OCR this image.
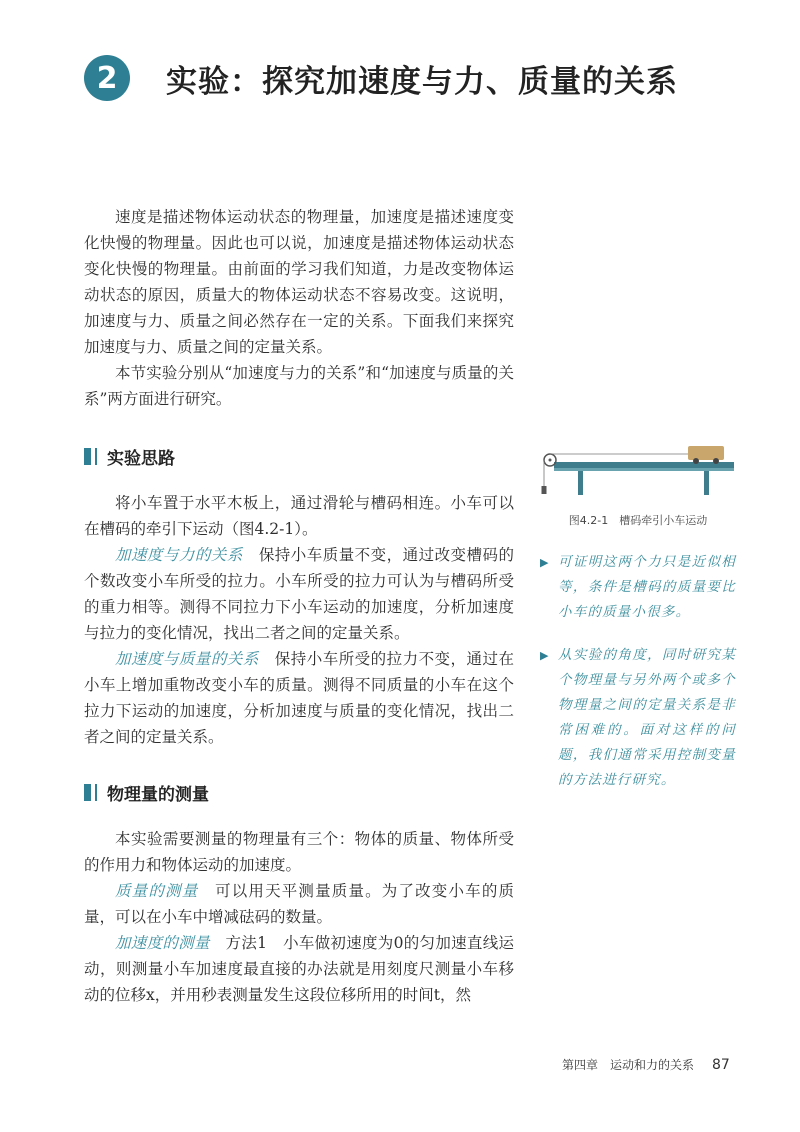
2	实验：探究加速度与力、质量的关系

速度是描述物体运动状态的物理量，加速度是描述速度变化快慢的物理量。因此也可以说，加速度是描述物体运动状态变化快慢的物理量。由前面的学习我们知道，力是改变物体运动状态的原因，质量大的物体运动状态不容易改变。这说明，加速度与力、质量之间必然存在一定的关系。下面我们来探究加速度与力、质量之间的定量关系。

本节实验分别从“加速度与力的关系”和“加速度与质量的关系”两方面进行研究。

实验思路

将小车置于水平木板上，通过滑轮与槽码相连。小车可以在槽码的牵引下运动（图4.2-1）。

加速度与力的关系　 保持小车质量不变，通过改变槽码的个数改变小车所受的拉力。小车所受的拉力可认为与槽码所受的重力相等。测得不同拉力下小车运动的加速度，分析加速度与拉力的变化情况，找出二者之间的定量关系。

加速度与质量的关系　 保持小车所受的拉力不变，通过在小车上增加重物改变小车的质量。测得不同质量的小车在这个拉力下运动的加速度，分析加速度与质量的变化情况，找出二者之间的定量关系。

物理量的测量

本实验需要测量的物理量有三个：物体的质量、物体所受的作用力和物体运动的加速度。

质量的测量　 可以用天平测量质量。为了改变小车的质量，可以在小车中增减砝码的数量。

加速度的测量　 方法1　小车做初速度为0的匀加速直线运动，则测量小车加速度最直接的办法就是用刻度尺测量小车移动的位移x，并用秒表测量发生这段位移所用的时间t，然

图4.2-1　槽码牵引小车运动
▶ 可证明这两个力只是近似相等，条件是槽码的质量要比小车的质量小很多。
▶ 从实验的角度，同时研究某个物理量与另外两个或多个物理量之间的定量关系是非常困难的。面对这样的问题，我们通常采用控制变量的方法进行研究。
第四章　运动和力的关系 87
